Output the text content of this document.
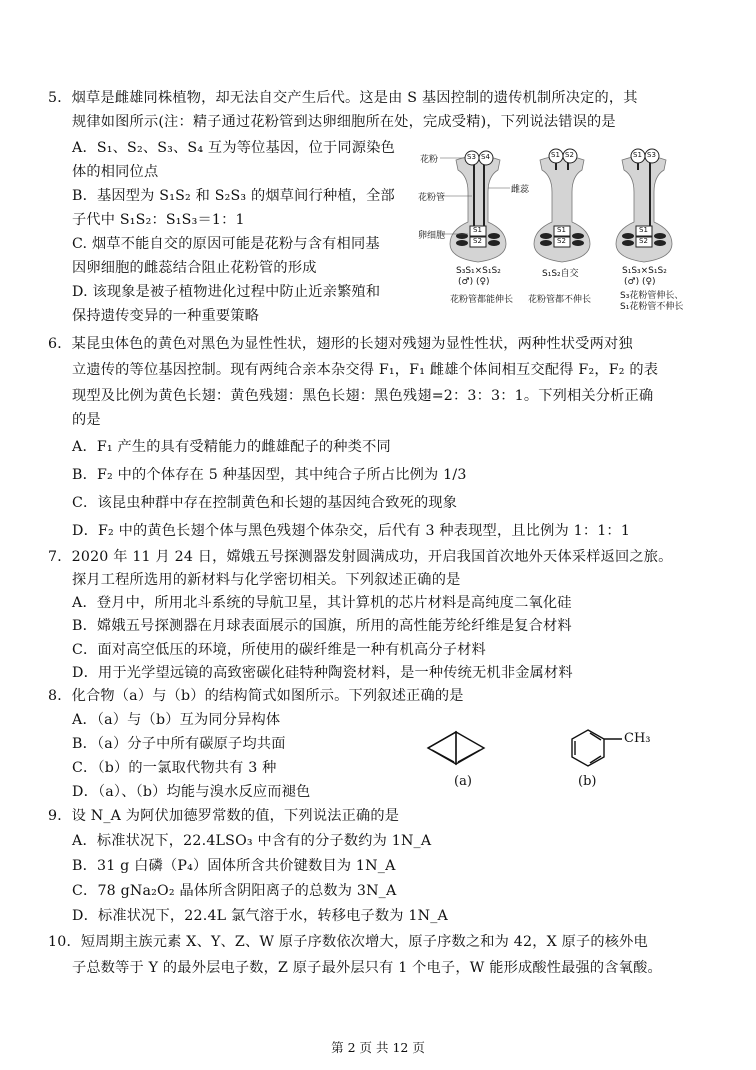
5．烟草是雌雄同株植物，却无法自交产生后代。这是由 S 基因控制的遗传机制所决定的，其
规律如图所示(注：精子通过花粉管到达卵细胞所在处，完成受精)，下列说法错误的是
A．S₁、S₂、S₃、S₄ 互为等位基因，位于同源染色
体的相同位点
B．基因型为 S₁S₂ 和 S₂S₃ 的烟草间行种植，全部
子代中 S₁S₂：S₁S₃＝1：1
C. 烟草不能自交的原因可能是花粉与含有相同基
因卵细胞的雌蕊结合阻止花粉管的形成
D. 该现象是被子植物进化过程中防止近亲繁殖和
保持遗传变异的一种重要策略
花粉
花粉管
卵细胞
雌蕊
S3 S4
S1
S2
S1 S2
S1
S2
S1 S3
S1
S2
S₃S₁×S₁S₂
(♂) (♀)
花粉管都能伸长
S₁S₂自交
花粉管都不伸长
S₁S₃×S₁S₂
(♂) (♀)
S₃花粉管伸长、
S₁花粉管不伸长
6．某昆虫体色的黄色对黑色为显性性状，翅形的长翅对残翅为显性性状，两种性状受两对独
立遗传的等位基因控制。现有两纯合亲本杂交得 F₁，F₁ 雌雄个体间相互交配得 F₂，F₂ 的表
现型及比例为黄色长翅：黄色残翅：黑色长翅：黑色残翅=2：3：3：1。下列相关分析正确
的是
A．F₁ 产生的具有受精能力的雌雄配子的种类不同
B．F₂ 中的个体存在 5 种基因型，其中纯合子所占比例为 1/3
C．该昆虫种群中存在控制黄色和长翅的基因纯合致死的现象
D．F₂ 中的黄色长翅个体与黑色残翅个体杂交，后代有 3 种表现型，且比例为 1：1：1
7．2020 年 11 月 24 日，嫦娥五号探测器发射圆满成功，开启我国首次地外天体采样返回之旅。
探月工程所选用的新材料与化学密切相关。下列叙述正确的是
A．登月中，所用北斗系统的导航卫星，其计算机的芯片材料是高纯度二氧化硅
B．嫦娥五号探测器在月球表面展示的国旗，所用的高性能芳纶纤维是复合材料
C．面对高空低压的环境，所使用的碳纤维是一种有机高分子材料
D．用于光学望远镜的高致密碳化硅特种陶瓷材料，是一种传统无机非金属材料
8．化合物（a）与（b）的结构简式如图所示。下列叙述正确的是
A．（a）与（b）互为同分异构体
B．（a）分子中所有碳原子均共面
C．（b）的一氯取代物共有 3 种
D．（a）、（b）均能与溴水反应而褪色
CH₃
(a)	(b)
9．设 N_A 为阿伏加德罗常数的值，下列说法正确的是
A．标准状况下，22.4LSO₃ 中含有的分子数约为 1N_A
B．31 g 白磷（P₄）固体所含共价键数目为 1N_A
C．78 gNa₂O₂ 晶体所含阴阳离子的总数为 3N_A
D．标准状况下，22.4L 氯气溶于水，转移电子数为 1N_A
10．短周期主族元素 X、Y、Z、W 原子序数依次增大，原子序数之和为 42，X 原子的核外电
子总数等于 Y 的最外层电子数，Z 原子最外层只有 1 个电子，W 能形成酸性最强的含氧酸。
第 2 页 共 12 页
